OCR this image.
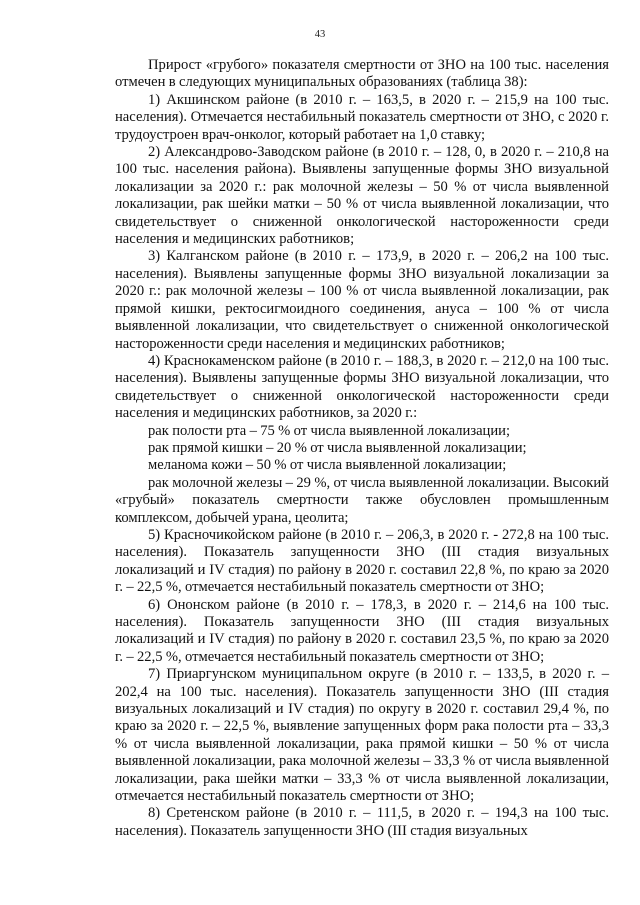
43

Прирост «грубого» показателя смертности от ЗНО на 100 тыс. населения отмечен в следующих муниципальных образованиях (таблица 38):

1) Акшинском районе (в 2010 г. – 163,5, в 2020 г. – 215,9 на 100 тыс. населения). Отмечается нестабильный показатель смертности от ЗНО, с 2020 г. трудоустроен врач-онколог, который работает на 1,0 ставку;

2) Александрово-Заводском районе (в 2010 г. – 128, 0, в 2020 г. – 210,8 на 100 тыс. населения района). Выявлены запущенные формы ЗНО визуальной локализации за 2020 г.: рак молочной железы – 50 % от числа выявленной локализации, рак шейки матки – 50 % от числа выявленной локализации, что свидетельствует о сниженной онкологической настороженности среди населения и медицинских работников;

3) Калганском районе (в 2010 г. – 173,9, в 2020 г. – 206,2 на 100 тыс. населения). Выявлены запущенные формы ЗНО визуальной локализации за 2020 г.: рак молочной железы – 100 % от числа выявленной локализации, рак прямой кишки, ректосигмоидного соединения, ануса – 100 % от числа выявленной локализации, что свидетельствует о сниженной онкологической настороженности среди населения и медицинских работников;

4) Краснокаменском районе (в 2010 г. – 188,3, в 2020 г. – 212,0 на 100 тыс. населения). Выявлены запущенные формы ЗНО визуальной локализации, что свидетельствует о сниженной онкологической настороженности среди населения и медицинских работников, за 2020 г.:

рак полости рта – 75 % от числа выявленной локализации;

рак прямой кишки – 20 % от числа выявленной локализации;

меланома кожи – 50 % от числа выявленной локализации;

рак молочной железы – 29 %, от числа выявленной локализации. Высокий «грубый» показатель смертности также обусловлен промышленным комплексом, добычей урана, цеолита;

5) Красночикойском районе (в 2010 г. – 206,3, в 2020 г. - 272,8 на 100 тыс. населения). Показатель запущенности ЗНО (III стадия визуальных локализаций и IV стадия) по району в 2020 г. составил 22,8 %, по краю за 2020 г. – 22,5 %, отмечается нестабильный показатель смертности от ЗНО;

6) Ононском районе (в 2010 г. – 178,3, в 2020 г. – 214,6 на 100 тыс. населения). Показатель запущенности ЗНО (III стадия визуальных локализаций и IV стадия) по району в 2020 г. составил 23,5 %, по краю за 2020 г. – 22,5 %, отмечается нестабильный показатель смертности от ЗНО;

7) Приаргунском муниципальном округе (в 2010 г. – 133,5, в 2020 г. – 202,4 на 100 тыс. населения). Показатель запущенности ЗНО (III стадия визуальных локализаций и IV стадия) по округу в 2020 г. составил 29,4 %, по краю за 2020 г. – 22,5 %, выявление запущенных форм рака полости рта – 33,3 % от числа выявленной локализации, рака прямой кишки – 50 % от числа выявленной локализации, рака молочной железы – 33,3 % от числа выявленной локализации, рака шейки матки – 33,3 % от числа выявленной локализации, отмечается нестабильный показатель смертности от ЗНО;

8) Сретенском районе (в 2010 г. – 111,5, в 2020 г. – 194,3 на 100 тыс. населения). Показатель запущенности ЗНО (III стадия визуальных
